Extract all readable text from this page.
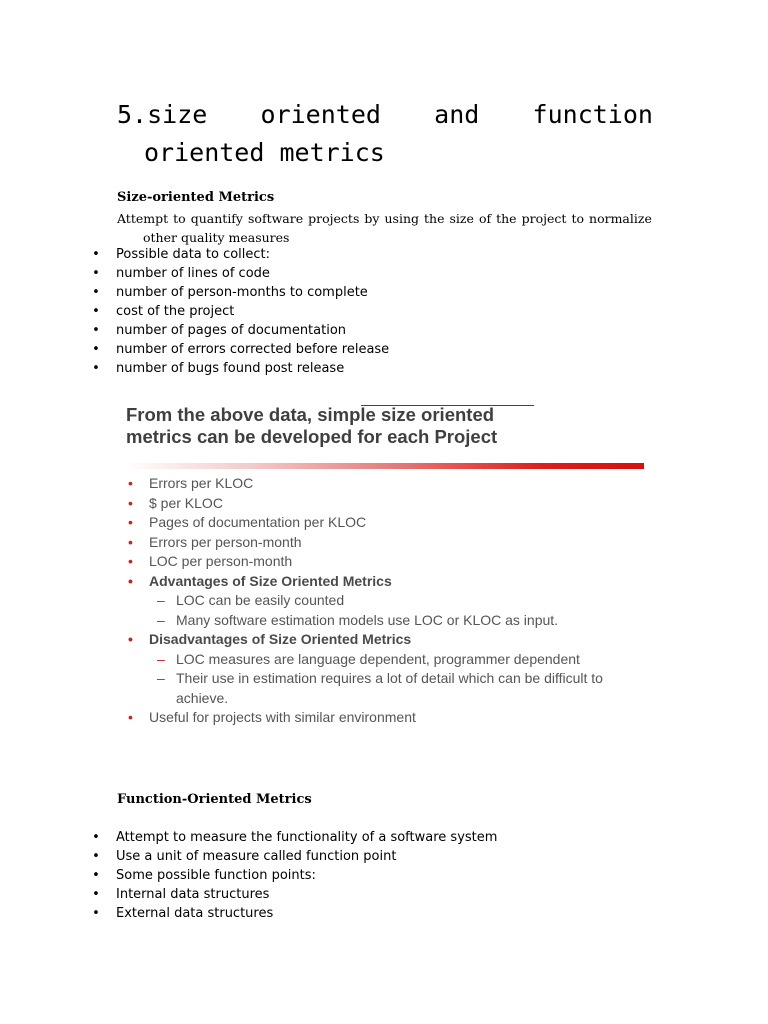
5.size oriented and function
oriented metrics
Size-oriented Metrics
Attempt to quantify software projects by using the size of the project to normalize
other quality measures
• Possible data to collect:
• number of lines of code
• number of person-months to complete
• cost of the project
• number of pages of documentation
• number of errors corrected before release
• number of bugs found post release
From the above data, simple size oriented
metrics can be developed for each Project
• Errors per KLOC
• $ per KLOC
• Pages of documentation per KLOC
• Errors per person-month
• LOC per person-month
• Advantages of Size Oriented Metrics
– LOC can be easily counted
– Many software estimation models use LOC or KLOC as input.
• Disadvantages of Size Oriented Metrics
– LOC measures are language dependent, programmer dependent
– Their use in estimation requires a lot of detail which can be difficult to
achieve.
• Useful for projects with similar environment
Function-Oriented Metrics
• Attempt to measure the functionality of a software system
• Use a unit of measure called function point
• Some possible function points:
• Internal data structures
• External data structures
